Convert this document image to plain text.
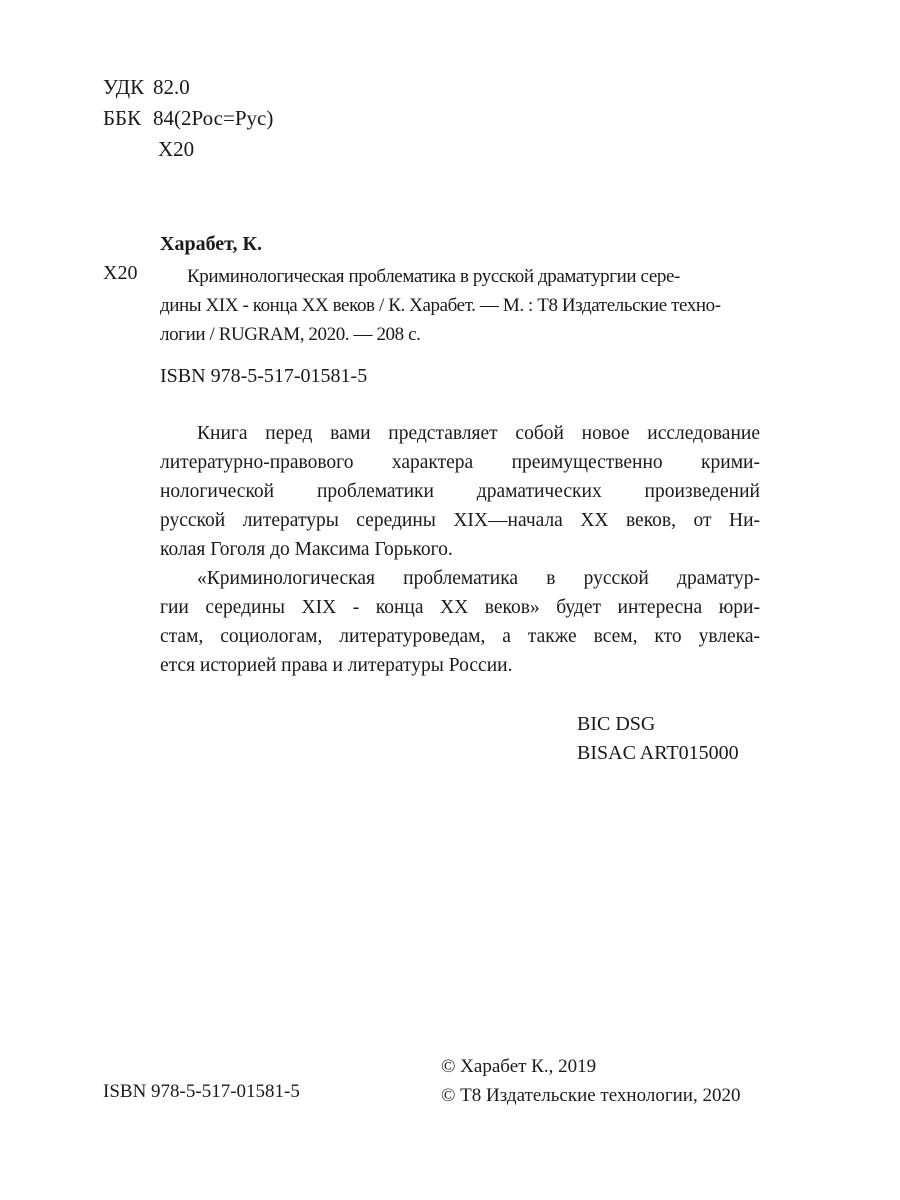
УДК 82.0
ББК 84(2Рос=Рус)
Х20
Харабет, К.
Х20	Криминологическая проблематика в русской драматургии сере-
дины XIX - конца XX веков / К. Харабет. — М. : Т8 Издательские техно-
логии / RUGRAM, 2020. — 208 с.
ISBN 978-5-517-01581-5

Книга перед вами представляет собой новое исследование

литературно-правового характера преимущественно крими-

нологической проблематики драматических произведений

русской литературы середины XIX—начала XX веков, от Ни-

колая Гоголя до Максима Горького.

«Криминологическая проблематика в русской драматур-

гии середины XIX - конца XX веков» будет интересна юри-

стам, социологам, литературоведам, а также всем, кто увлека-

ется историей права и литературы России.

BIC DSG
BISAC ART015000
ISBN 978-5-517-01581-5
© Харабет К., 2019
© Т8 Издательские технологии, 2020
